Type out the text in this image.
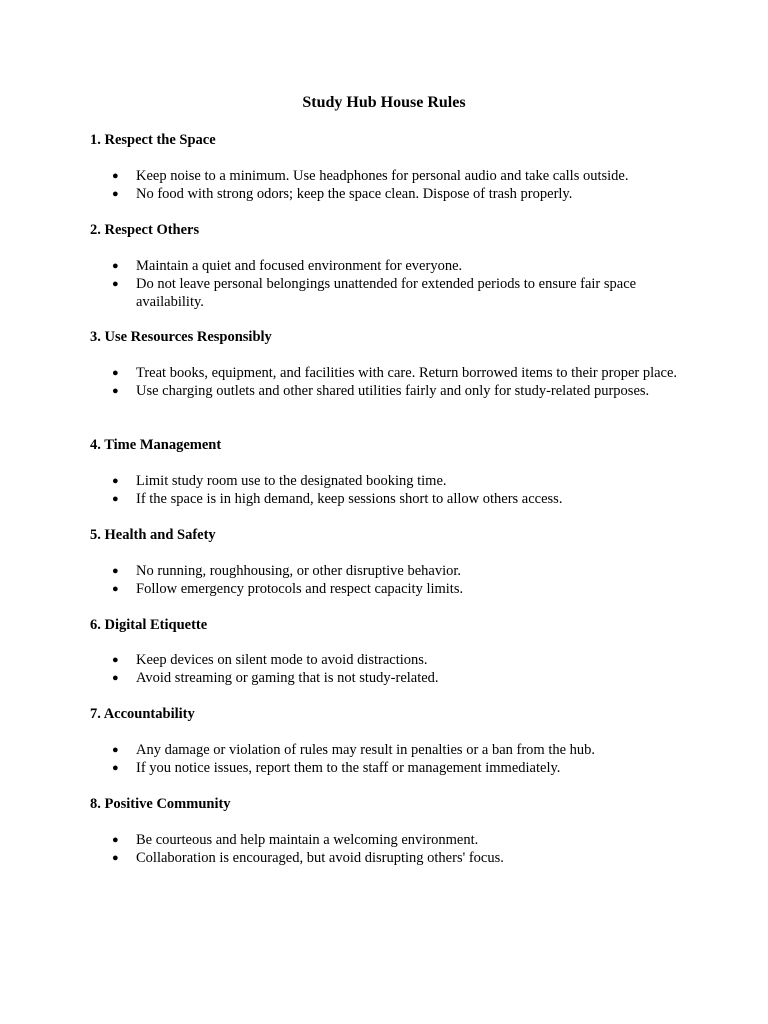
Study Hub House Rules
1. Respect the Space
● Keep noise to a minimum. Use headphones for personal audio and take calls outside.
● No food with strong odors; keep the space clean. Dispose of trash properly.
2. Respect Others
● Maintain a quiet and focused environment for everyone.
● Do not leave personal belongings unattended for extended periods to ensure fair space availability.
3. Use Resources Responsibly
● Treat books, equipment, and facilities with care. Return borrowed items to their proper place.
● Use charging outlets and other shared utilities fairly and only for study-related purposes.
4. Time Management
● Limit study room use to the designated booking time.
● If the space is in high demand, keep sessions short to allow others access.
5. Health and Safety
● No running, roughhousing, or other disruptive behavior.
● Follow emergency protocols and respect capacity limits.
6. Digital Etiquette
● Keep devices on silent mode to avoid distractions.
● Avoid streaming or gaming that is not study-related.
7. Accountability
● Any damage or violation of rules may result in penalties or a ban from the hub.
● If you notice issues, report them to the staff or management immediately.
8. Positive Community
● Be courteous and help maintain a welcoming environment.
● Collaboration is encouraged, but avoid disrupting others' focus.
